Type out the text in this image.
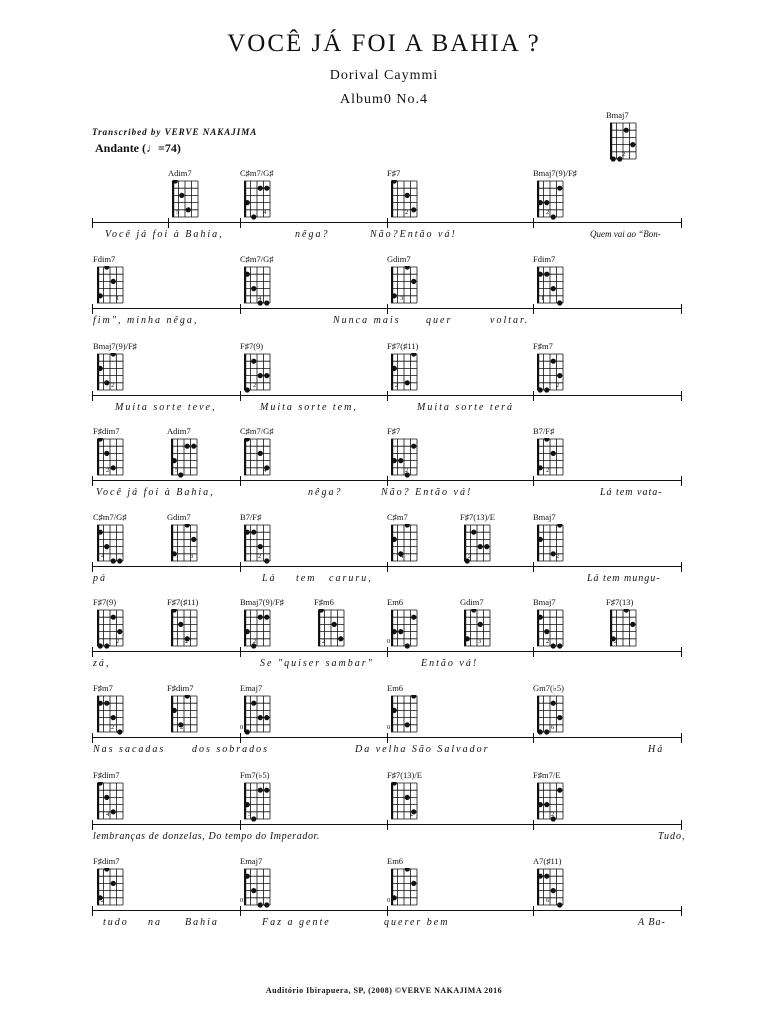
VOCÊ JÁ FOI A BAHIA ?
Dorival Caymmi
Album0 No.4
Transcribed by VERVE NAKAJIMA
Andante (♩=74)
Bmaj7
2
Adim7
5
C♯m7/G♯
4
F♯7
2
Bmaj7(9)/F♯
2
Você já foi à Bahia,	nêga?	Não?Então vá!	Quem vai ao “Bon-
Fdim7
1
C♯m7/G♯
4
Gdim7
3
Fdim7
1
fim", minha nêga,	Nunca mais	quer	voltar.
Bmaj7(9)/F♯
2
F♯7(9)
2
F♯7(♯11)
2
F♯m7
2
Muita sorte teve,	Muita sorte tem,	Muita sorte terá
F♯dim7
2
Adim7
5
C♯m7/G♯
4
F♯7
2
B7/F♯
2
Você já foi à Bahia,	nêga?	Não? Então vá!	Lá tem vata-
C♯m7/G♯
4
Gdim7
3
B7/F♯
2
C♯m7
4
F♯7(13)/E
2
Bmaj7
2
pá	Lá tem caruru,	Lá tem mungu-
F♯7(9)
2
F♯7(♯11)
2
Bmaj7(9)/F♯
2
F♯m6
2
Em6
0
Gdim7
3
Bmaj7
2
F♯7(13)
2
zá,	Se "quiser sambar"	Então vá!
F♯m7
2
F♯dim7
2
Emaj7
0
Em6
0
Gm7(♭5)
6
Nas sacadas	dos sobrados	Da velha São Salvador	Há
F♯dim7
4
Fm7(♭5)
3
F♯7(13)/E
2
F♯m7/E
2
lembranças de donzelas, Do tempo do Imperador.	Tudo,
F♯dim7
2
Emaj7
0
Em6
0
A7(♯11)
6
tudo na Bahia	Faz a gente	querer bem	A Ba-
Auditório Ibirapuera, SP, (2008) ©VERVE NAKAJIMA 2016
